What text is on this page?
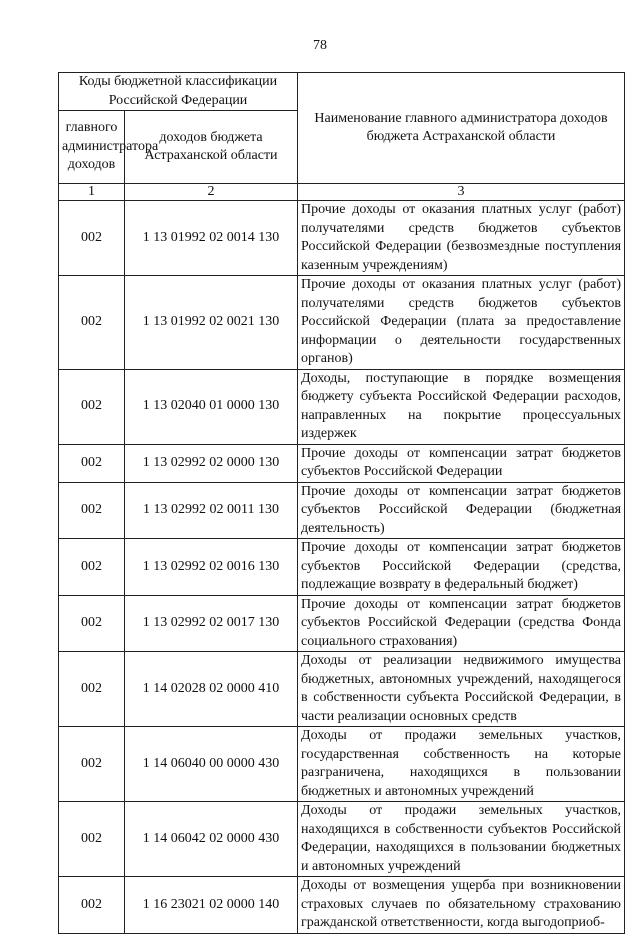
78
Коды бюджетной классификации Российской Федерации		Наименование главного администратора доходов бюджета Астраханской области
главного администратора доходов	доходов бюджета Астраханской области	
1	2	3
002	1 13 01992 02 0014 130	Прочие доходы от оказания платных услуг (работ) получателями средств бюджетов субъектов Российской Федерации (безвозмездные поступления казенным учреждениям)
002	1 13 01992 02 0021 130	Прочие доходы от оказания платных услуг (работ) получателями средств бюджетов субъектов Российской Федерации (плата за предоставление информации о деятельности государственных органов)
002	1 13 02040 01 0000 130	Доходы, поступающие в порядке возмещения бюджету субъекта Российской Федерации расходов, направленных на покрытие процессуальных издержек
002	1 13 02992 02 0000 130	Прочие доходы от компенсации затрат бюджетов субъектов Российской Федерации
002	1 13 02992 02 0011 130	Прочие доходы от компенсации затрат бюджетов субъектов Российской Федерации (бюджетная деятельность)
002	1 13 02992 02 0016 130	Прочие доходы от компенсации затрат бюджетов субъектов Российской Федерации (средства, подлежащие возврату в федеральный бюджет)
002	1 13 02992 02 0017 130	Прочие доходы от компенсации затрат бюджетов субъектов Российской Федерации (средства Фонда социального страхования)
002	1 14 02028 02 0000 410	Доходы от реализации недвижимого имущества бюджетных, автономных учреждений, находящегося в собственности субъекта Российской Федерации, в части реализации основных средств
002	1 14 06040 00 0000 430	Доходы от продажи земельных участков, государственная собственность на которые разграничена, находящихся в пользовании бюджетных и автономных учреждений
002	1 14 06042 02 0000 430	Доходы от продажи земельных участков, находящихся в собственности субъектов Российской Федерации, находящихся в пользовании бюджетных и автономных учреждений
002	1 16 23021 02 0000 140	Доходы от возмещения ущерба при возникновении страховых случаев по обязательному страхованию гражданской ответственности, когда выгодоприоб-
